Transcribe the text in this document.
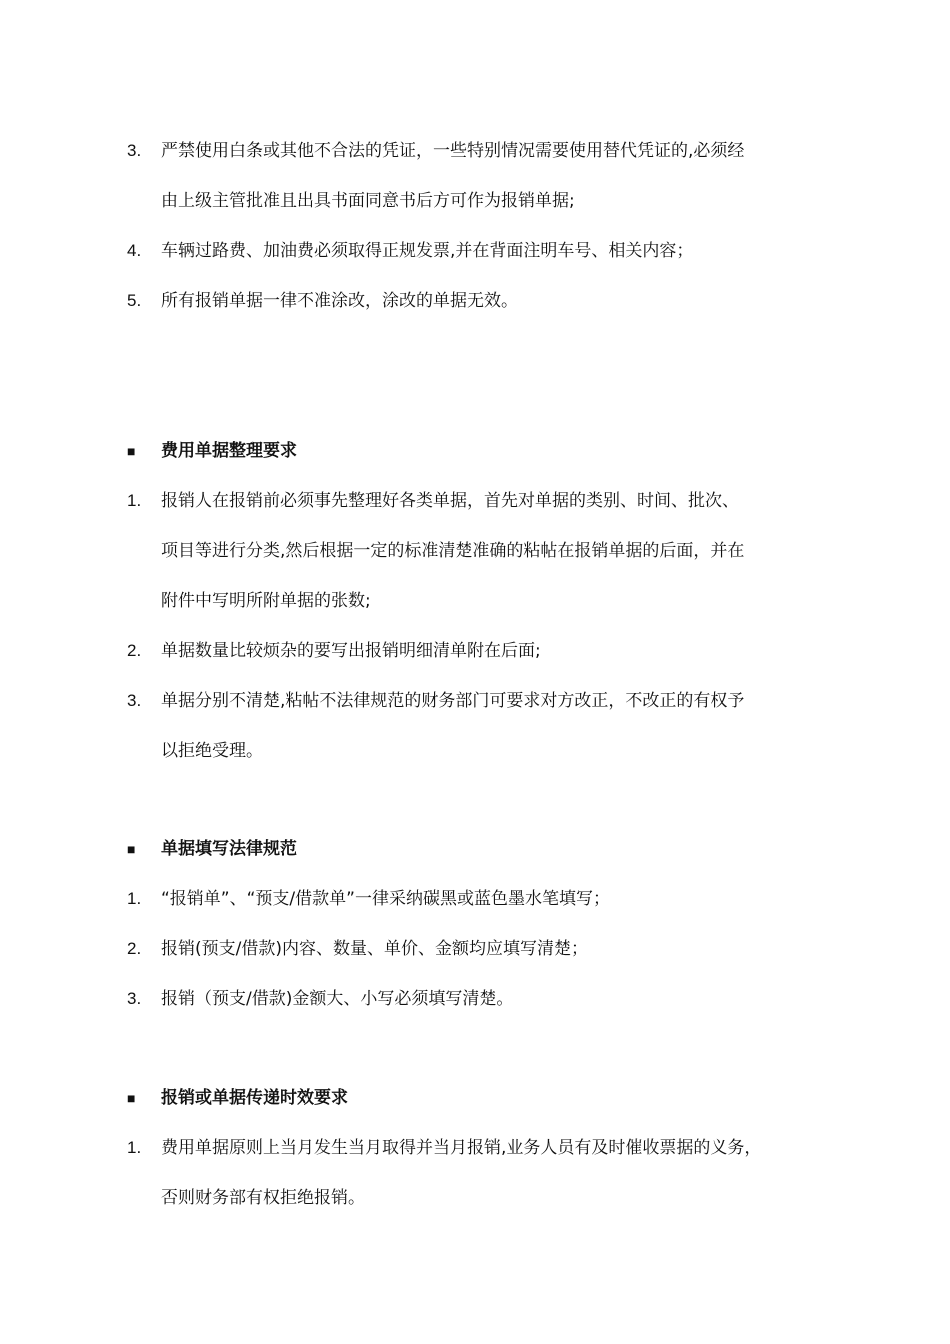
3.	严禁使用白条或其他不合法的凭证，一些特别情况需要使用替代凭证的,必须经
由上级主管批准且出具书面同意书后方可作为报销单据;
4.	车辆过路费、加油费必须取得正规发票,并在背面注明车号、相关内容；
5.	所有报销单据一律不准涂改，涂改的单据无效。
■	费用单据整理要求
1.	报销人在报销前必须事先整理好各类单据，首先对单据的类别、时间、批次、
项目等进行分类,然后根据一定的标准清楚准确的粘帖在报销单据的后面，并在
附件中写明所附单据的张数;
2.	单据数量比较烦杂的要写出报销明细清单附在后面;
3.	单据分别不清楚,粘帖不法律规范的财务部门可要求对方改正，不改正的有权予
以拒绝受理。
■	单据填写法律规范
1.	“报销单”、“预支/借款单”一律采纳碳黑或蓝色墨水笔填写；
2.	报销(预支/借款)内容、数量、单价、金额均应填写清楚；
3.	报销（预支/借款)金额大、小写必须填写清楚。
■	报销或单据传递时效要求
1.	费用单据原则上当月发生当月取得并当月报销,业务人员有及时催收票据的义务，
否则财务部有权拒绝报销。
